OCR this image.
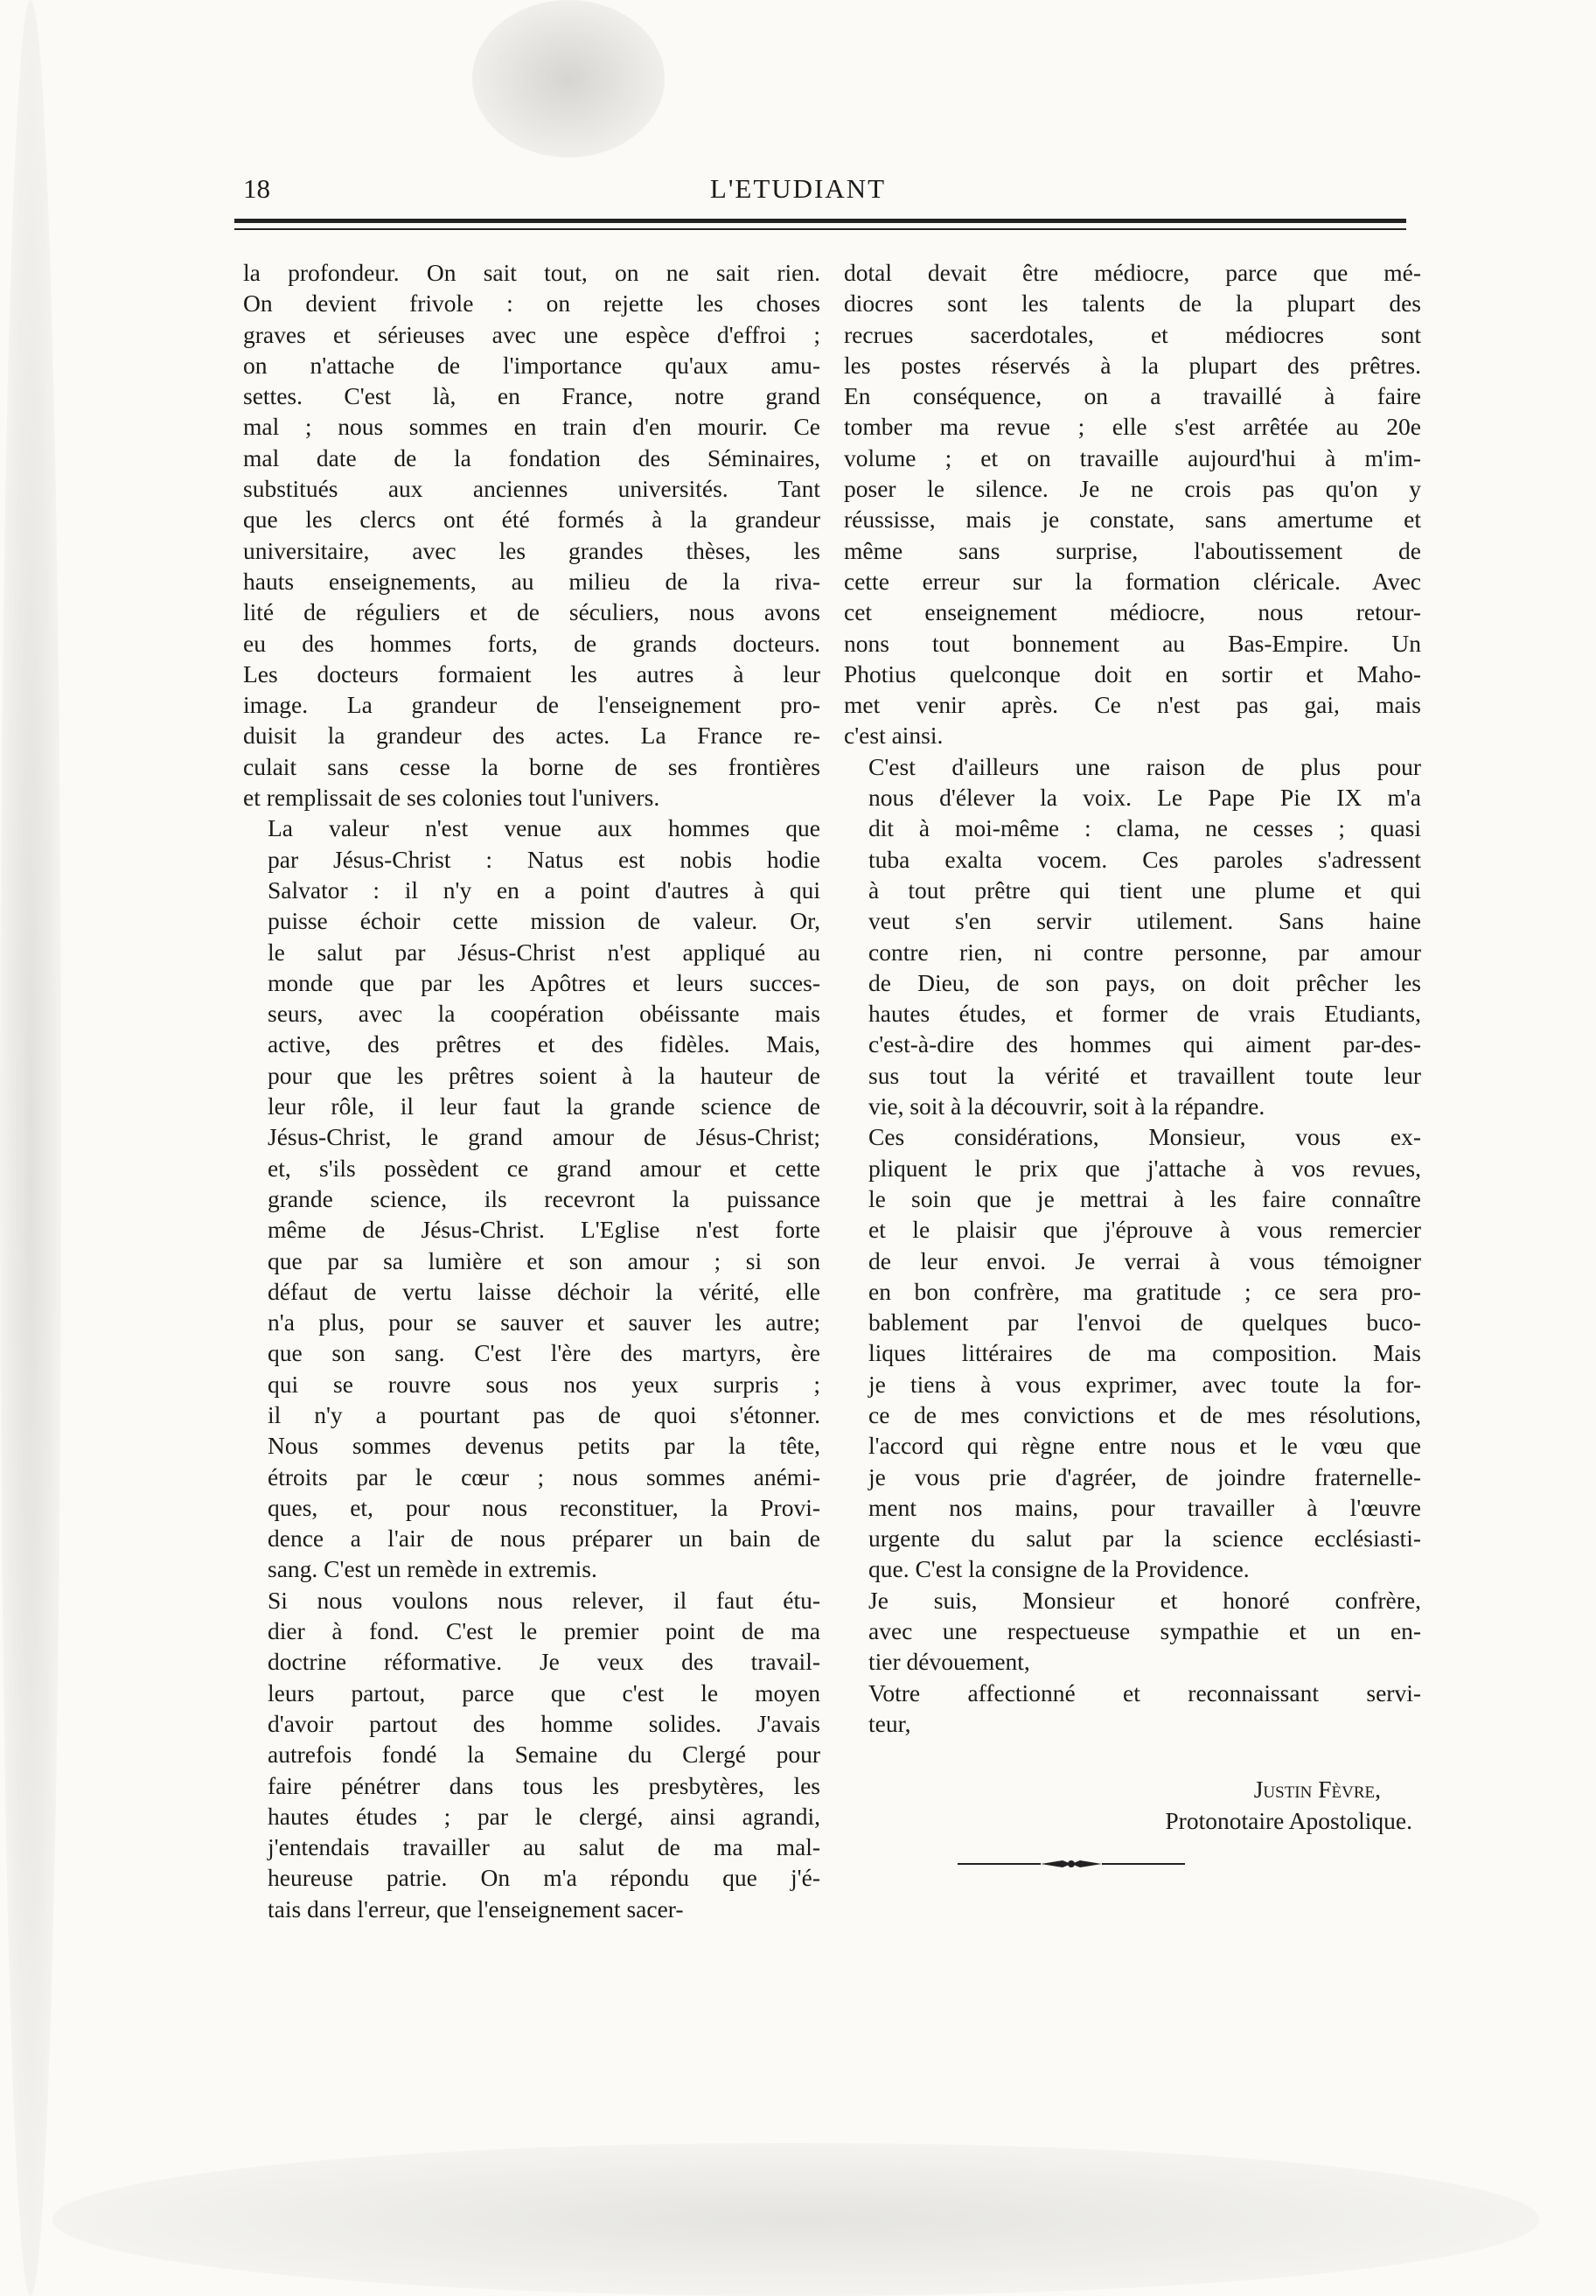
18	L'ETUDIANT

la profondeur. On sait tout, on ne sait rien.
On devient frivole : on rejette les choses
graves et sérieuses avec une espèce d'effroi ;
on n'attache de l'importance qu'aux amu-
settes. C'est là, en France, notre grand
mal ; nous sommes en train d'en mourir. Ce
mal date de la fondation des Séminaires,
substitués aux anciennes universités. Tant
que les clercs ont été formés à la grandeur
universitaire, avec les grandes thèses, les
hauts enseignements, au milieu de la riva-
lité de réguliers et de séculiers, nous avons
eu des hommes forts, de grands docteurs.
Les docteurs formaient les autres à leur
image. La grandeur de l'enseignement pro-
duisit la grandeur des actes. La France re-
culait sans cesse la borne de ses frontières
et remplissait de ses colonies tout l'univers.

La valeur n'est venue aux hommes que
par Jésus-Christ : Natus est nobis hodie
Salvator : il n'y en a point d'autres à qui
puisse échoir cette mission de valeur. Or,
le salut par Jésus-Christ n'est appliqué au
monde que par les Apôtres et leurs succes-
seurs, avec la coopération obéissante mais
active, des prêtres et des fidèles. Mais,
pour que les prêtres soient à la hauteur de
leur rôle, il leur faut la grande science de
Jésus-Christ, le grand amour de Jésus-Christ;
et, s'ils possèdent ce grand amour et cette
grande science, ils recevront la puissance
même de Jésus-Christ. L'Eglise n'est forte
que par sa lumière et son amour ; si son
défaut de vertu laisse déchoir la vérité, elle
n'a plus, pour se sauver et sauver les autre;
que son sang. C'est l'ère des martyrs, ère
qui se rouvre sous nos yeux surpris ;
il n'y a pourtant pas de quoi s'étonner.
Nous sommes devenus petits par la tête,
étroits par le cœur ; nous sommes anémi-
ques, et, pour nous reconstituer, la Provi-
dence a l'air de nous préparer un bain de
sang. C'est un remède in extremis.

Si nous voulons nous relever, il faut étu-
dier à fond. C'est le premier point de ma
doctrine réformative. Je veux des travail-
leurs partout, parce que c'est le moyen
d'avoir partout des homme solides. J'avais
autrefois fondé la Semaine du Clergé pour
faire pénétrer dans tous les presbytères, les
hautes études ; par le clergé, ainsi agrandi,
j'entendais travailler au salut de ma mal-
heureuse patrie. On m'a répondu que j'é-
tais dans l'erreur, que l'enseignement sacer-

dotal devait être médiocre, parce que mé-
diocres sont les talents de la plupart des
recrues sacerdotales, et médiocres sont
les postes réservés à la plupart des prêtres.
En conséquence, on a travaillé à faire
tomber ma revue ; elle s'est arrêtée au 20e
volume ; et on travaille aujourd'hui à m'im-
poser le silence. Je ne crois pas qu'on y
réussisse, mais je constate, sans amertume et
même sans surprise, l'aboutissement de
cette erreur sur la formation cléricale. Avec
cet enseignement médiocre, nous retour-
nons tout bonnement au Bas-Empire. Un
Photius quelconque doit en sortir et Maho-
met venir après. Ce n'est pas gai, mais
c'est ainsi.

C'est d'ailleurs une raison de plus pour
nous d'élever la voix. Le Pape Pie IX m'a
dit à moi-même : clama, ne cesses ; quasi
tuba exalta vocem. Ces paroles s'adressent
à tout prêtre qui tient une plume et qui
veut s'en servir utilement. Sans haine
contre rien, ni contre personne, par amour
de Dieu, de son pays, on doit prêcher les
hautes études, et former de vrais Etudiants,
c'est-à-dire des hommes qui aiment par-des-
sus tout la vérité et travaillent toute leur
vie, soit à la découvrir, soit à la répandre.

Ces considérations, Monsieur, vous ex-
pliquent le prix que j'attache à vos revues,
le soin que je mettrai à les faire connaître
et le plaisir que j'éprouve à vous remercier
de leur envoi. Je verrai à vous témoigner
en bon confrère, ma gratitude ; ce sera pro-
bablement par l'envoi de quelques buco-
liques littéraires de ma composition. Mais
je tiens à vous exprimer, avec toute la for-
ce de mes convictions et de mes résolutions,
l'accord qui règne entre nous et le vœu que
je vous prie d'agréer, de joindre fraternelle-
ment nos mains, pour travailler à l'œuvre
urgente du salut par la science ecclésiasti-
que. C'est la consigne de la Providence.

Je suis, Monsieur et honoré confrère,
avec une respectueuse sympathie et un en-
tier dévouement,

Votre affectionné et reconnaissant servi-
teur,

Justin Fèvre,
Protonotaire Apostolique.
